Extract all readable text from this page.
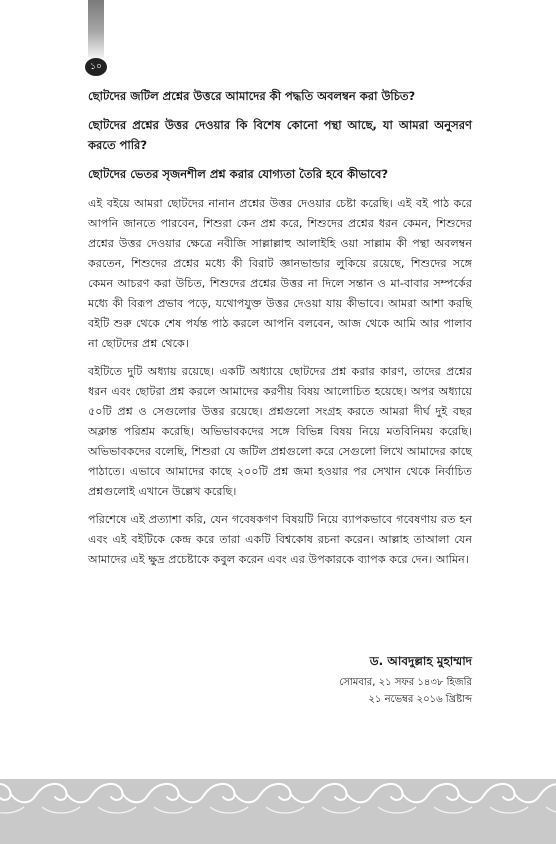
১০

ছোটদের জটিল প্রশ্নের উত্তরে আমাদের কী পদ্ধতি অবলম্বন করা উচিত?

ছোটদের প্রশ্নের উত্তর দেওয়ার কি বিশেষ কোনো পন্থা আছে, যা আমরা অনুসরণ করতে পারি?

ছোটদের ভেতর সৃজনশীল প্রশ্ন করার যোগ্যতা তৈরি হবে কীভাবে?

এই বইয়ে আমরা ছোটদের নানান প্রশ্নের উত্তর দেওয়ার চেষ্টা করেছি। এই বই পাঠ করে আপনি জানতে পারবেন, শিশুরা কেন প্রশ্ন করে, শিশুদের প্রশ্নের ধরন কেমন, শিশুদের প্রশ্নের উত্তর দেওয়ার ক্ষেত্রে নবীজি সাল্লাল্লাহু আলাইহি ওয়া সাল্লাম কী পন্থা অবলম্বন করতেন, শিশুদের প্রশ্নের মধ্যে কী বিরাট জ্ঞানভান্ডার লুকিয়ে রয়েছে, শিশুদের সঙ্গে কেমন আচরণ করা উচিত, শিশুদের প্রশ্নের উত্তর না দিলে সন্তান ও মা-বাবার সম্পর্কের মধ্যে কী বিরূপ প্রভাব পড়ে, যথোপযুক্ত উত্তর দেওয়া যায় কীভাবে। আমরা আশা করছি বইটি শুরু থেকে শেষ পর্যন্ত পাঠ করলে আপনি বলবেন, আজ থেকে আমি আর পালাব না ছোটদের প্রশ্ন থেকে।

বইটিতে দুটি অধ্যায় রয়েছে। একটি অধ্যায়ে ছোটদের প্রশ্ন করার কারণ, তাদের প্রশ্নের ধরন এবং ছোটরা প্রশ্ন করলে আমাদের করণীয় বিষয় আলোচিত হয়েছে। অপর অধ্যায়ে ৫০টি প্রশ্ন ও সেগুলোর উত্তর রয়েছে। প্রশ্নগুলো সংগ্রহ করতে আমরা দীর্ঘ দুই বছর অক্লান্ত পরিশ্রম করেছি। অভিভাবকদের সঙ্গে বিভিন্ন বিষয় নিয়ে মতবিনিময় করেছি। অভিভাবকদের বলেছি, শিশুরা যে জটিল প্রশ্নগুলো করে সেগুলো লিখে আমাদের কাছে পাঠাতে। এভাবে আমাদের কাছে ২০০টি প্রশ্ন জমা হওয়ার পর সেখান থেকে নির্বাচিত প্রশ্নগুলোই এখানে উল্লেখ করেছি।

পরিশেষে এই প্রত্যাশা করি, যেন গবেষকগণ বিষয়টি নিয়ে ব্যাপকভাবে গবেষণায় রত হন এবং এই বইটিকে কেন্দ্র করে তারা একটি বিশ্বকোষ রচনা করেন। আল্লাহ তাআলা যেন আমাদের এই ক্ষুদ্র প্রচেষ্টাকে কবুল করেন এবং এর উপকারকে ব্যাপক করে দেন। আমিন।

ড. আবদুল্লাহ মুহাম্মাদ
সোমবার, ২১ সফর ১৪৩৮ হিজরি
২১ নভেম্বর ২০১৬ খ্রিষ্টাব্দ
